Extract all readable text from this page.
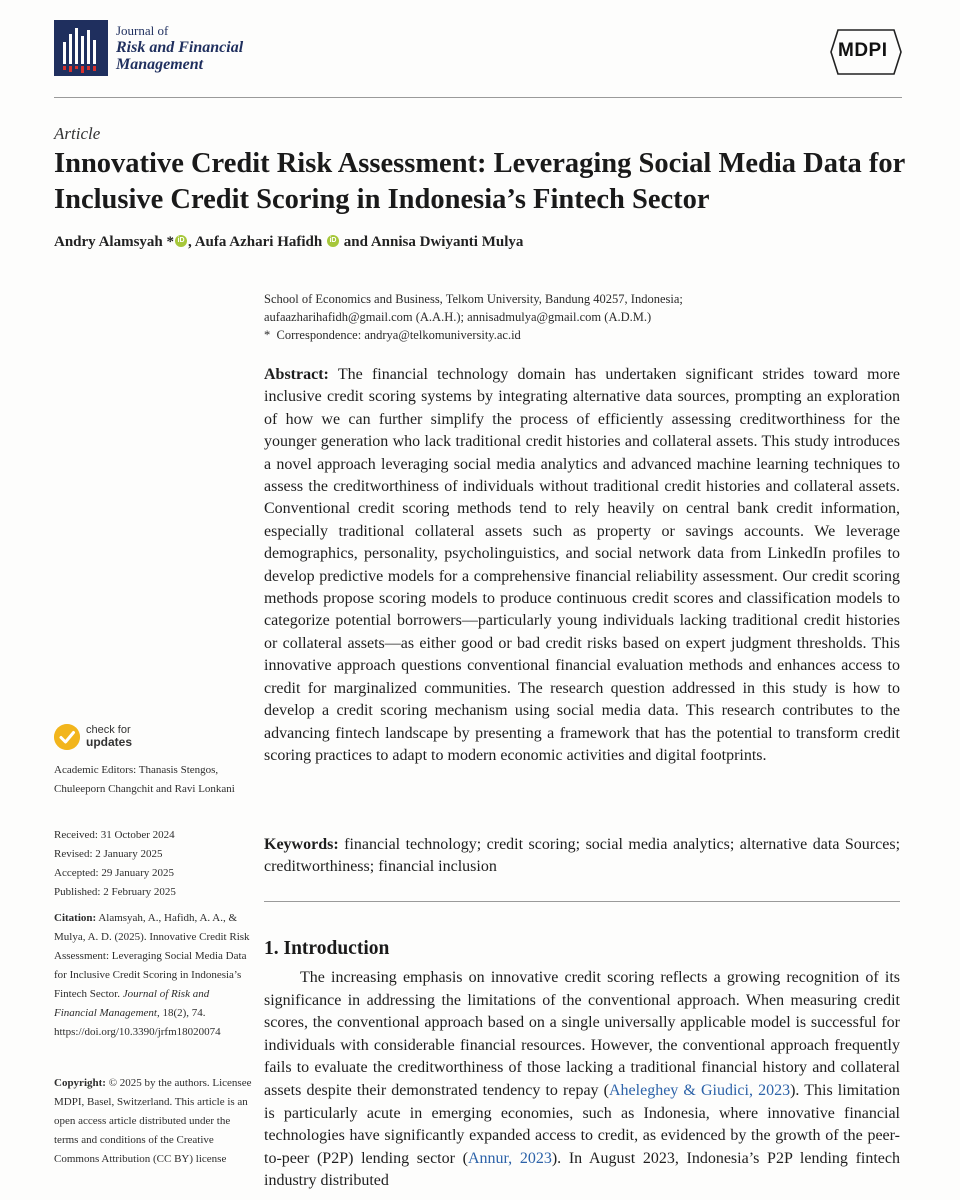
Journal of
Risk and Financial
Management
MDPI
Article
Innovative Credit Risk Assessment: Leveraging Social Media Data for Inclusive Credit Scoring in Indonesia’s Fintech Sector
Andry Alamsyah * iD , Aufa Azhari Hafidh iD and Annisa Dwiyanti Mulya
School of Economics and Business, Telkom University, Bandung 40257, Indonesia;
aufaazharihafidh@gmail.com (A.A.H.); annisadmulya@gmail.com (A.D.M.)
* Correspondence: andrya@telkomuniversity.ac.id
Abstract: The financial technology domain has undertaken significant strides toward more inclusive credit scoring systems by integrating alternative data sources, prompting an exploration of how we can further simplify the process of efficiently assessing creditworthiness for the younger generation who lack traditional credit histories and collateral assets. This study introduces a novel approach leveraging social media analytics and advanced machine learning techniques to assess the creditworthiness of individuals without traditional credit histories and collateral assets. Conventional credit scoring methods tend to rely heavily on central bank credit information, especially traditional collateral assets such as property or savings accounts. We leverage demographics, personality, psycholinguistics, and social network data from LinkedIn profiles to develop predictive models for a comprehensive financial reliability assessment. Our credit scoring methods propose scoring models to produce continuous credit scores and classification models to categorize potential borrowers—particularly young individuals lacking traditional credit histories or collateral assets—as either good or bad credit risks based on expert judgment thresholds. This innovative approach questions conventional financial evaluation methods and enhances access to credit for marginalized communities. The research question addressed in this study is how to develop a credit scoring mechanism using social media data. This research contributes to the advancing fintech landscape by presenting a framework that has the potential to transform credit scoring practices to adapt to modern economic activities and digital footprints.
Keywords: financial technology; credit scoring; social media analytics; alternative data Sources; creditworthiness; financial inclusion
1. Introduction
The increasing emphasis on innovative credit scoring reflects a growing recognition of its significance in addressing the limitations of the conventional approach. When measuring credit scores, the conventional approach based on a single universally applicable model is successful for individuals with considerable financial resources. However, the conventional approach frequently fails to evaluate the creditworthiness of those lacking a traditional financial history and collateral assets despite their demonstrated tendency to repay (Aheleghey & Giudici, 2023). This limitation is particularly acute in emerging economies, such as Indonesia, where innovative financial technologies have significantly expanded access to credit, as evidenced by the growth of the peer-to-peer (P2P) lending sector (Annur, 2023). In August 2023, Indonesia’s P2P lending fintech industry distributed
check for
updates
Academic Editors: Thanasis Stengos, Chuleeporn Changchit and Ravi Lonkani
Received: 31 October 2024
Revised: 2 January 2025
Accepted: 29 January 2025
Published: 2 February 2025
Citation: Alamsyah, A., Hafidh, A. A., & Mulya, A. D. (2025). Innovative Credit Risk Assessment: Leveraging Social Media Data for Inclusive Credit Scoring in Indonesia’s Fintech Sector. Journal of Risk and Financial Management, 18(2), 74. https://doi.org/10.3390/jrfm18020074
Copyright: © 2025 by the authors. Licensee MDPI, Basel, Switzerland. This article is an open access article distributed under the terms and conditions of the Creative Commons Attribution (CC BY) license
